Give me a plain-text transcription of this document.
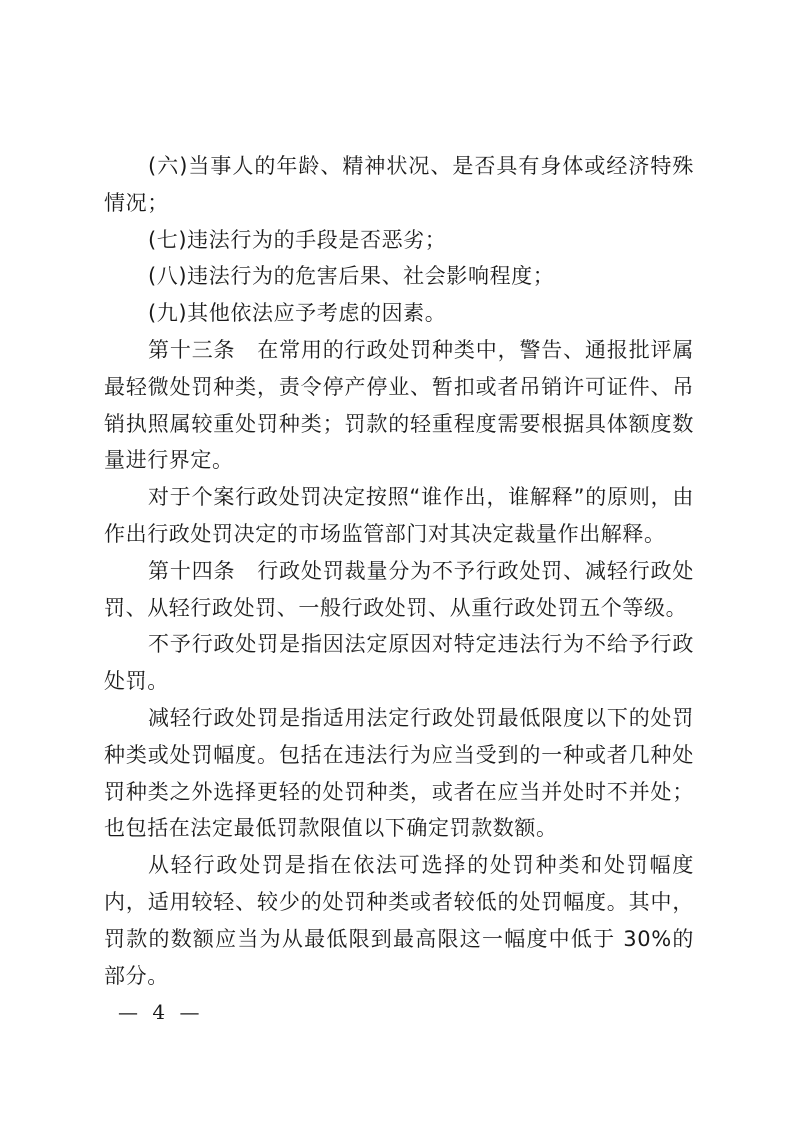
(六)当事人的年龄、精神状况、是否具有身体或经济特殊情况；

(七)违法行为的手段是否恶劣；

(八)违法行为的危害后果、社会影响程度；

(九)其他依法应予考虑的因素。

第十三条　在常用的行政处罚种类中，警告、通报批评属最轻微处罚种类，责令停产停业、暂扣或者吊销许可证件、吊销执照属较重处罚种类；罚款的轻重程度需要根据具体额度数量进行界定。

对于个案行政处罚决定按照“谁作出，谁解释”的原则，由作出行政处罚决定的市场监管部门对其决定裁量作出解释。

第十四条　行政处罚裁量分为不予行政处罚、减轻行政处罚、从轻行政处罚、一般行政处罚、从重行政处罚五个等级。

不予行政处罚是指因法定原因对特定违法行为不给予行政处罚。

减轻行政处罚是指适用法定行政处罚最低限度以下的处罚种类或处罚幅度。包括在违法行为应当受到的一种或者几种处罚种类之外选择更轻的处罚种类，或者在应当并处时不并处；也包括在法定最低罚款限值以下确定罚款数额。

从轻行政处罚是指在依法可选择的处罚种类和处罚幅度内，适用较轻、较少的处罚种类或者较低的处罚幅度。其中，罚款的数额应当为从最低限到最高限这一幅度中低于 30%的部分。

— 4 —
